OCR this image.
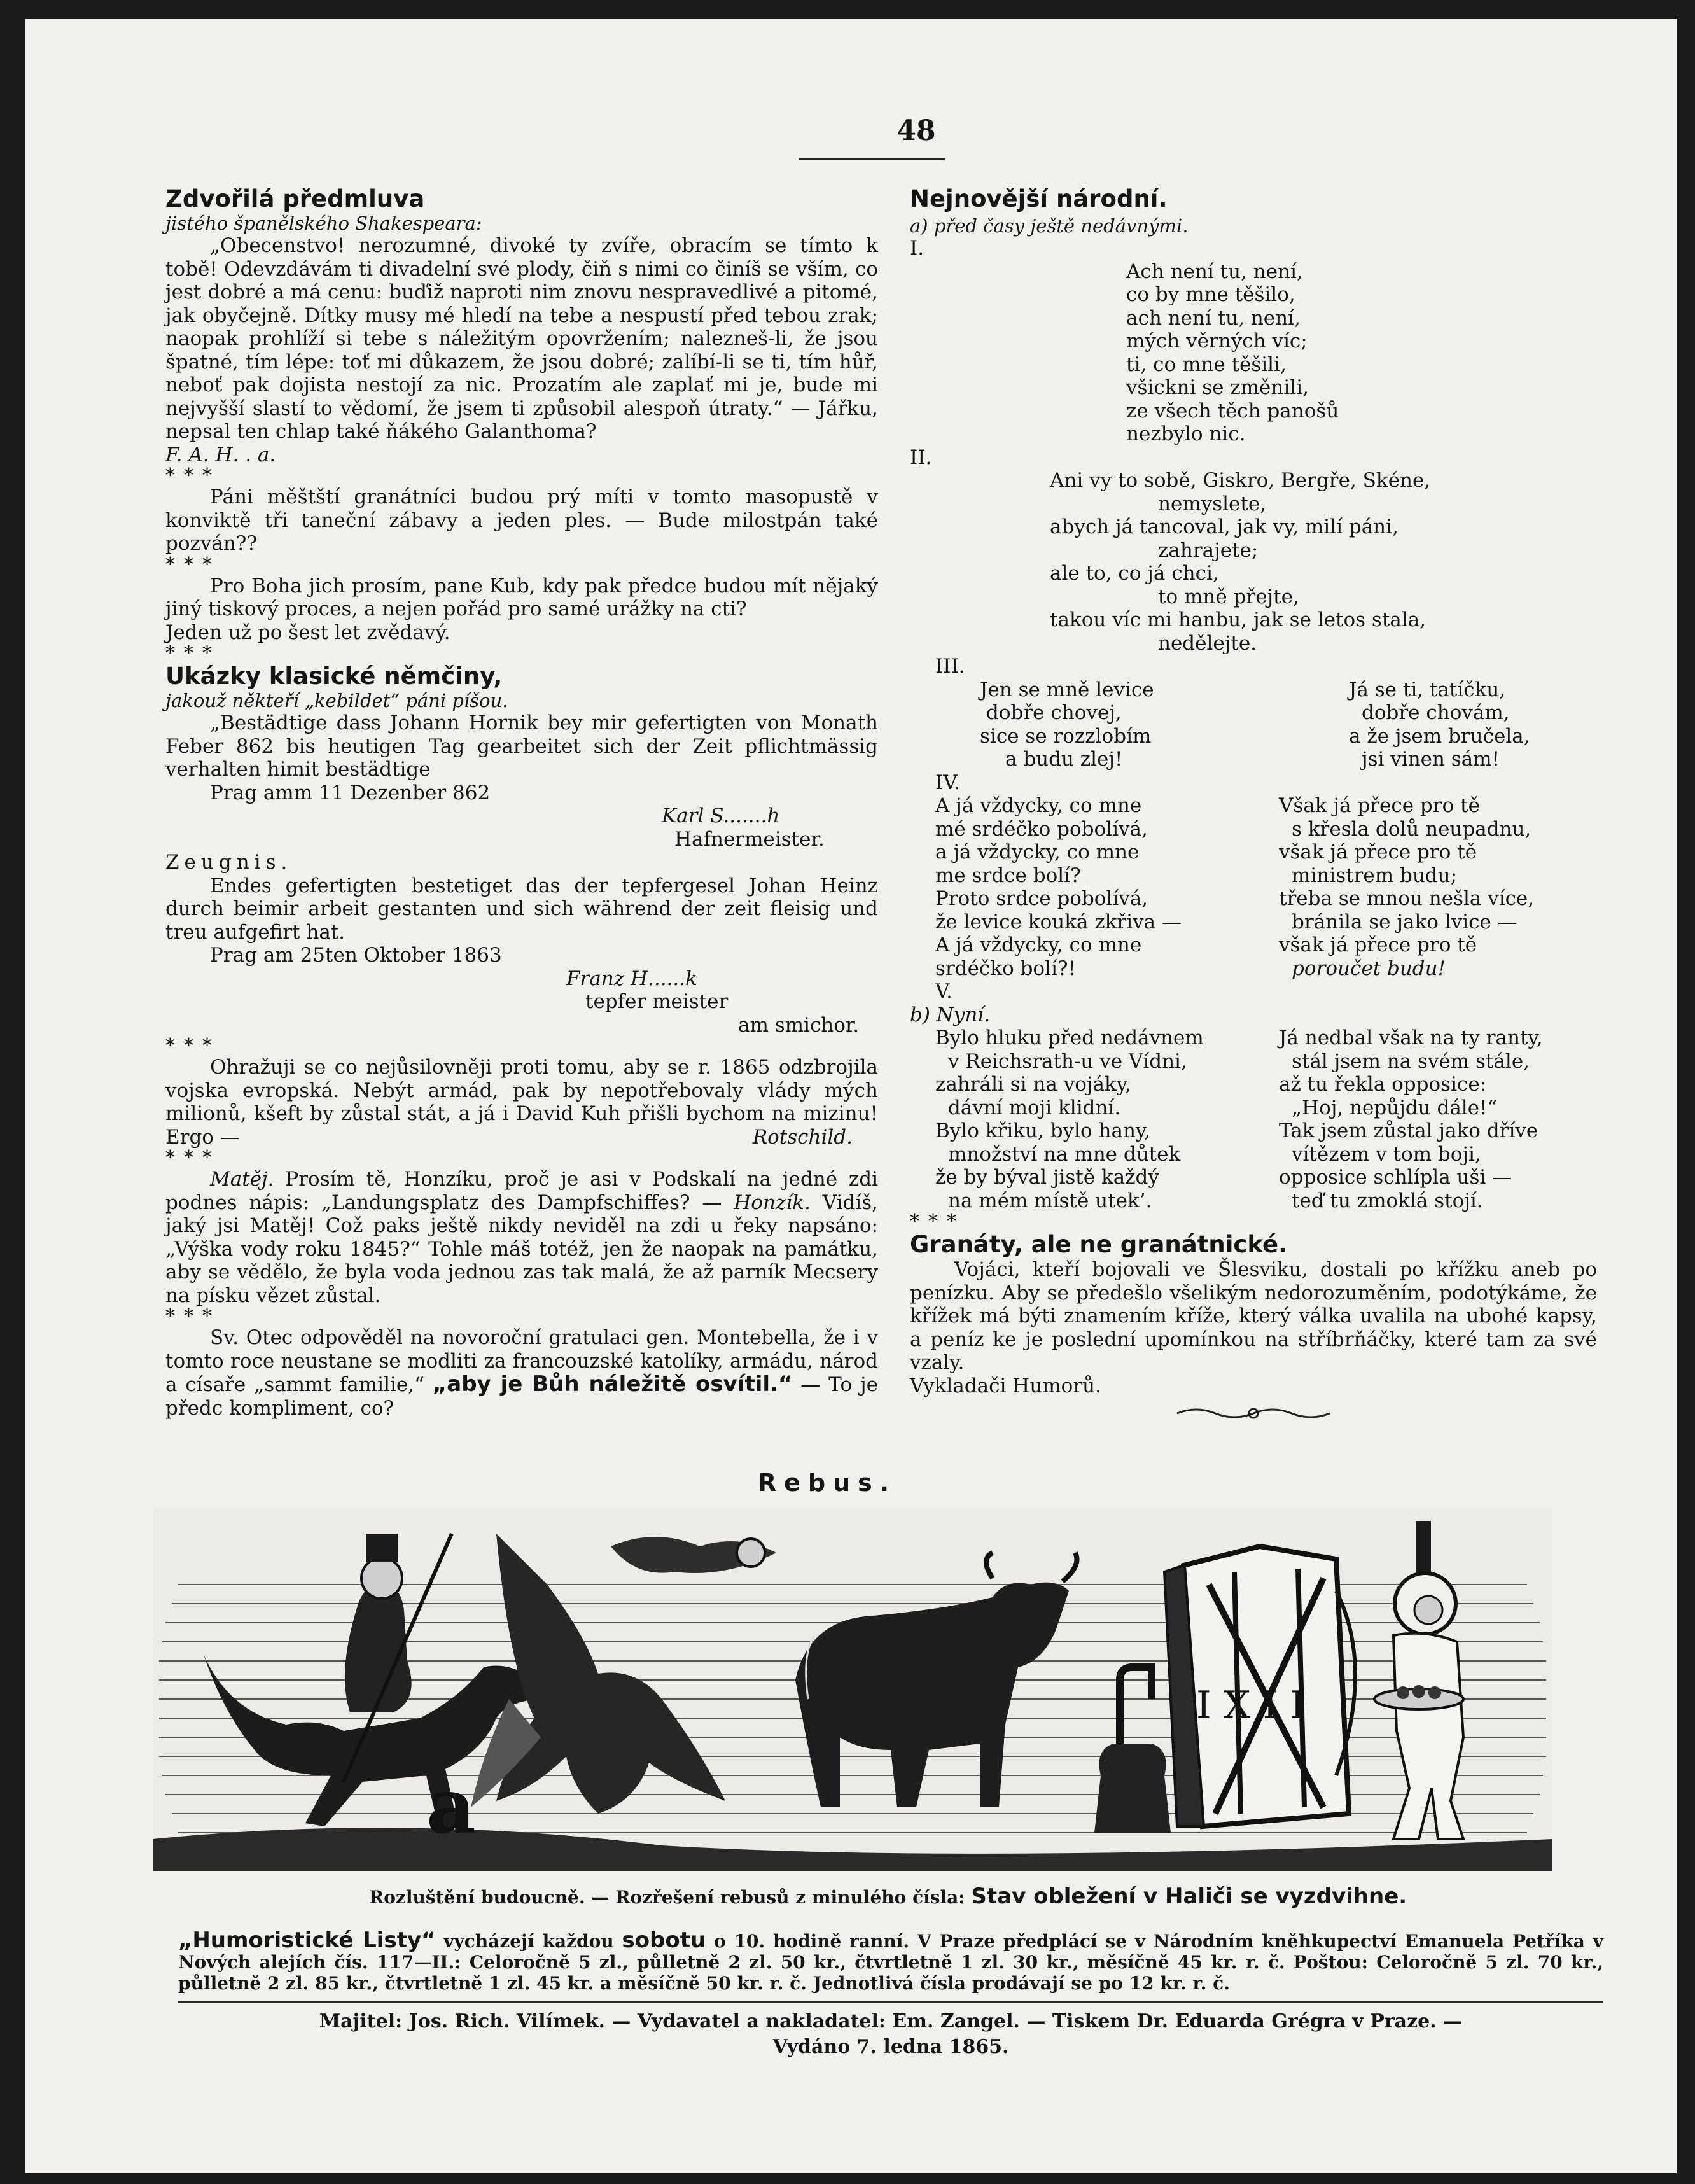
48

Zdvořilá předmluva

jistého španělského Shakespeara:

„Obecenstvo! nerozumné, divoké ty zvíře, obracím se tímto k tobě! Odevzdávám ti divadelní své plody, čiň s nimi co činíš se vším, co jest dobré a má cenu: buďiž naproti nim znovu nespravedlivé a pitomé, jak obyčejně. Dítky musy mé hledí na tebe a nespustí před tebou zrak; naopak prohlíží si tebe s náležitým opovržením; nalezneš-li, že jsou špatné, tím lépe: toť mi důkazem, že jsou dobré; zalíbí-li se ti, tím hůř, neboť pak dojista nestojí za nic. Prozatím ale zaplať mi je, bude mi nejvyšší slastí to vědomí, že jsem ti způsobil alespoň útraty.“ — Jářku, nepsal ten chlap také ňákého Galanthoma?

F. A. H. . a.

*​*​*

Páni měštští granátníci budou prý míti v tomto masopustě v konviktě tři taneční zábavy a jeden ples. — Bude milostpán také pozván??

*​*​*

Pro Boha jich prosím, pane Kub, kdy pak předce budou mít nějaký jiný tiskový proces, a nejen pořád pro samé urážky na cti?

Jeden už po šest let zvědavý.

*​*​*

Ukázky klasické němčiny,

jakouž někteří „kebildet“ páni píšou.

„Bestädtige dass Johann Hornik bey mir gefertigten von Monath Feber 862 bis heutigen Tag gearbeitet sich der Zeit pflichtmässig verhalten himit bestädtige

Prag amm 11 Dezenber 862

Karl S.......h

Hafnermeister.

Zeugnis.

Endes gefertigten bestetiget das der tepfergesel Johan Heinz durch beimir arbeit gestanten und sich während der zeit fleisig und treu aufgefirt hat.

Prag am 25ten Oktober 1863

Franz H......k

tepfer meister

am smichor.

*​*​*

Ohražuji se co nejůsilovněji proti tomu, aby se r. 1865 odzbrojila vojska evropská. Nebýt armád, pak by nepotřebovaly vlády mých milionů, kšeft by zůstal stát, a já i David Kuh přišli bychom na mizinu! Ergo —	Rotschild.

*​*​*

Matěj. Prosím tě, Honzíku, proč je asi v Podskalí na jedné zdi podnes nápis: „Landungsplatz des Dampfschiffes? — Honzík. Vidíš, jaký jsi Matěj! Což paks ještě nikdy neviděl na zdi u řeky napsáno: „Výška vody roku 1845?“ Tohle máš totéž, jen že naopak na památku, aby se vědělo, že byla voda jednou zas tak malá, že až parník Mecsery na písku vězet zůstal.

*​*​*

Sv. Otec odpověděl na novoroční gratulaci gen. Montebella, že i v tomto roce neustane se modliti za francouzské katolíky, armádu, národ a císaře „sammt familie,“ „aby je Bůh náležitě osvítil.“ — To je předc kompliment, co?

Nejnovější národní.

a) před časy ještě nedávnými.

I.

Ach není tu, není,

co by mne těšilo,

ach není tu, není,

mých věrných víc;

ti, co mne těšili,

všickni se změnili,

ze všech těch panošů

nezbylo nic.

II.

Ani vy to sobě, Giskro, Bergře, Skéne,

nemyslete,

abych já tancoval, jak vy, milí páni,

zahrajete;

ale to, co já chci,

to mně přejte,

takou víc mi hanbu, jak se letos stala,

nedělejte.

III.

Jen se mně levice

dobře chovej,

sice se rozzlobím

a budu zlej!

Já se ti, tatíčku,

dobře chovám,

a že jsem bručela,

jsi vinen sám!

IV.

A já vždycky, co mne

mé srdéčko pobolívá,

a já vždycky, co mne

me srdce bolí?

Proto srdce pobolívá,

že levice kouká zkřiva —

A já vždycky, co mne

srdéčko bolí?!

Však já přece pro tě

s křesla dolů neupadnu,

však já přece pro tě

ministrem budu;

třeba se mnou nešla více,

bránila se jako lvice —

však já přece pro tě

poroučet budu!

V.

b) Nyní.

Bylo hluku před nedávnem

v Reichsrath-u ve Vídni,

zahráli si na vojáky,

dávní moji klidní.

Bylo křiku, bylo hany,

množství na mne důtek

že by býval jistě každý

na mém místě utek’.

Já nedbal však na ty ranty,

stál jsem na svém stále,

až tu řekla opposice:

„Hoj, nepůjdu dále!“

Tak jsem zůstal jako dříve

vítězem v tom boji,

opposice schlípla uši —

teď tu zmoklá stojí.

*​*​*

Granáty, ale ne granátnické.

Vojáci, kteří bojovali ve Šlesviku, dostali po křížku aneb po penízku. Aby se předešlo všelikým nedorozuměním, podotýkáme, že křížek má býti znamením kříže, který válka uvalila na ubohé kapsy, a peníz ke je poslední upomínkou na stříbrňáčky, které tam za své vzaly.

Vykladači Humorů.

Rebus.
a
I X I I
Rozluštění budoucně. — Rozřešení rebusů z minulého čísla: Stav obležení v Haliči se vyzdvihne.
„Humoristické Listy“ vycházejí každou sobotu o 10. hodině ranní. V Praze předplácí se v Národním kněhkupectví Emanuela Petříka v Nových alejích čís. 117—II.: Celoročně 5 zl., půlletně 2 zl. 50 kr., čtvrtletně 1 zl. 30 kr., měsíčně 45 kr. r. č. Poštou: Celoročně 5 zl. 70 kr., půlletně 2 zl. 85 kr., čtvrtletně 1 zl. 45 kr. a měsíčně 50 kr. r. č. Jednotlivá čísla prodávají se po 12 kr. r. č.
Majitel: Jos. Rich. Vilímek. — Vydavatel a nakladatel: Em. Zangel. — Tiskem Dr. Eduarda Grégra v Praze. —
Vydáno 7. ledna 1865.
